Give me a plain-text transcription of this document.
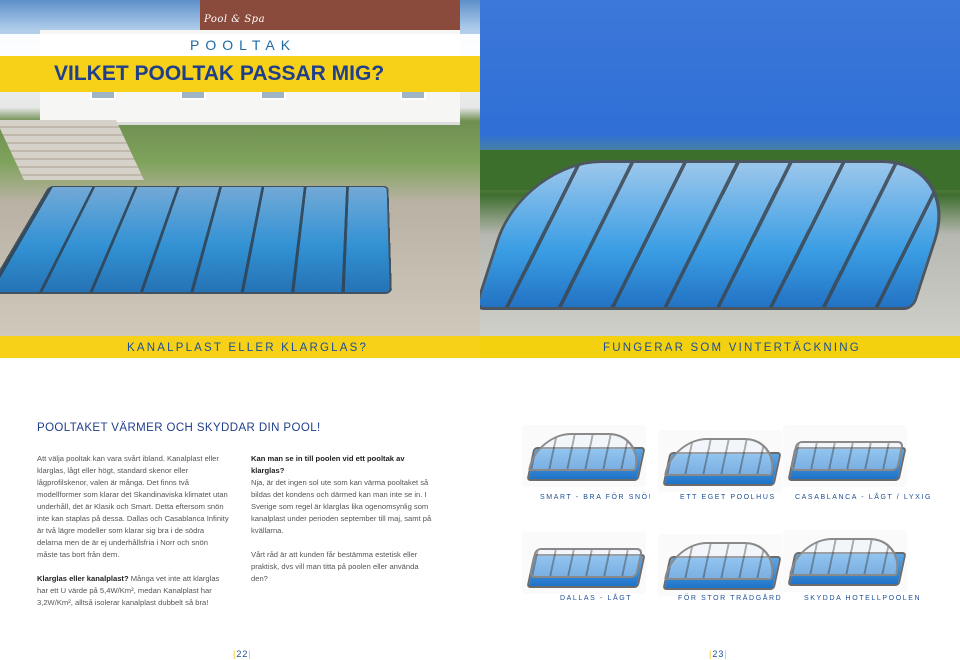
Pool & Spa
POOLTAK
VILKET POOLTAK PASSAR MIG?
KANALPLAST ELLER KLARGLAS?	FUNGERAR SOM VINTERTÄCKNING
POOLTAKET VÄRMER OCH SKYDDAR DIN POOL!

Att välja pooltak kan vara svårt ibland. Kanalplast eller klarglas, lågt eller högt, standard skenor eller lågprofilskenor, valen är många. Det finns två modellformer som klarar det Skandinaviska klimatet utan underhåll, det är Klasik och Smart. Detta eftersom snön inte kan staplas på dessa. Dallas och Casablanca Infinity är två lägre modeller som klarar sig bra i de södra delarna men de är ej underhållsfria i Norr och snön måste tas bort från dem.

Klarglas eller kanalplast? Många vet inte att klarglas har ett U värde på 5,4W/Km², medan Kanalplast har 3,2W/Km², alltså isolerar kanalplast dubbelt så bra!

Kan man se in till poolen vid ett pooltak av klarglas?

Nja, är det ingen sol ute som kan värma pooltaket så bildas det kondens och därmed kan man inte se in. I Sverige som regel är klarglas lika ogenomsynlig som kanalplast under perioden september till maj, samt på kvällarna.

Vårt råd är att kunden får bestämma estetisk eller praktisk, dvs vill man titta på poolen eller använda den?

SMART - BRA FÖR SNÖ!	ETT EGET POOLHUS	CASABLANCA - LÅGT / LYXIG
DALLAS - LÅGT	FÖR STOR TRÄDGÅRD	SKYDDA HOTELLPOOLEN
|22|	|23|
